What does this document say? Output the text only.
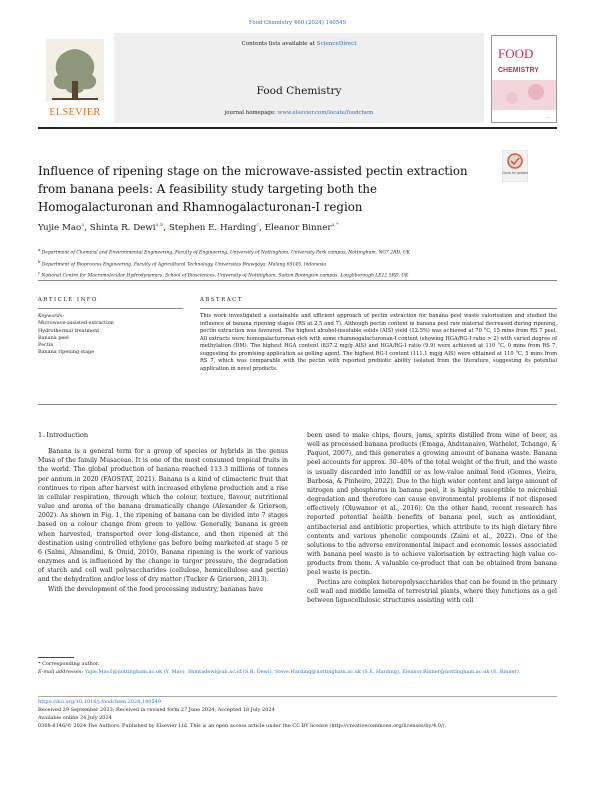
Food Chemistry 460 (2024) 140549
ELSEVIER
Contents lists available at ScienceDirect
Food Chemistry
journal homepage: www.elsevier.com/locate/foodchem
FOOD
CHEMISTRY
...
Influence of ripening stage on the microwave-assisted pectin extraction from banana peels: A feasibility study targeting both the Homogalacturonan and Rhamnogalacturonan-I region
Check for updates
Yujie Mao$^a$, Shinta R. Dewi$^{a,b}$, Stephen E. Harding$^c$, Eleanor Binner$^{a,*}$
$^a$ Department of Chemical and Environmental Engineering, Faculty of Engineering, University of Nottingham, University Park campus, Nottingham, NG7 2RD, UK
$^b$ Department of Bioprocess Engineering, Faculty of Agricultural Technology, Universitas Brawijaya, Malang 65145, Indonesia
$^c$ National Centre for Macromolecular Hydrodynamics, School of Biosciences, University of Nottingham, Sutton Bonington campus, Loughborough LE12 5RD, UK
ARTICLE INFO
Keywords:
Microwave-assisted extraction
Hydrothermal treatment
Banana peel
Pectin
Banana ripening stage
ABSTRACT
This work investigated a sustainable and efficient approach of pectin extraction for banana peel waste valorisation and studied the influence of banana ripening stages (RS at 2,5 and 7). Although pectin content in banana peel raw material decreased during ripening, pectin extraction was favoured. The highest alcohol-insoluble solids (AIS) yield (12.5%) was achieved at 70 °C, 15 mins from RS 7 peel. All extracts were homogalacturonan-rich with some rhamnogalacturonan-I content (showing HGA/RG-I ratio > 2) with varied degree of methylation (DM). The highest HGA content (837.2 mg/g AIS) and HGA/RG-I ratio (9.9) were achieved at 110 °C, 0 mins from RS 7, suggesting its promising application as gelling agent. The highest RG-I content (111.1 mg/g AIS) were obtained at 110 °C, 5 mins from RS 7, which was comparable with the pectin with reported prebiotic ability isolated from the literature, suggesting its potential application in novel products.
1. Introduction

Banana is a general term for a group of species or hybrids in the genus Musa of the family Musaceae. It is one of the most consumed tropical fruits in the world. The global production of banana reached 113.3 millions of tonnes per annum in 2020 (FAOSTAT, 2021). Banana is a kind of climacteric fruit that continues to ripen after harvest with increased ethylene production and a rise in cellular respiration, through which the colour, texture, flavour, nutritional value and aroma of the banana dramatically change (Alexander & Grierson, 2002). As shown in Fig. 1, the ripening of banana can be divided into 7 stages based on a colour change from green to yellow. Generally, banana is green when harvested, transported over long-distance, and then ripened at the destination using controlled ethylene gas before being marketed at stage 5 or 6 (Salmi, Almandimi, & Omid, 2010). Banana ripening is the work of various enzymes and is influenced by the change in turgor pressure, the degradation of starch and cell wall polysaccharides (cellulose, hemicellulose and pectin) and the dehydration and/or loss of dry matter (Tucker & Grierson, 2013).

With the development of the food processing industry, bananas have

been used to make chips, flours, jams, spirits distilled from wine of beer, as well as processed banana products (Emaga, Andrianaivo, Wathelet, Tchango, & Paquot, 2007), and this generates a growing amount of banana waste. Banana peel accounts for approx. 30–40% of the total weight of the fruit, and the waste is usually discarded into landfill or as low-value animal feed (Gomes, Vieira, Barbosa, & Pinheiro, 2022). Due to the high water content and large amount of nitrogen and phosphorus in banana peel, it is highly susceptible to microbial degradation and therefore can cause environmental problems if not disposed effectively (Oluwamor et al., 2016). On the other hand, recent research has reported potential health benefits of banana peel, such as antioxidant, antibacterial and antibiotic properties, which attribute to its high dietary fibre contents and various phenolic compounds (Zaini et al., 2022). One of the solutions to the adverse environmental impact and economic losses associated with banana peel waste is to achieve valorisation by extracting high value co-products from them. A valuable co-product that can be obtained from banana peel waste is pectin.

Pectins are complex heteropolysaccharides that can be found in the primary cell wall and middle lamella of terrestrial plants, where they functions as a gel between lignocellulosic structures assisting with cell

* Corresponding author.
E-mail addresses: Yujie.Mao1@nottingham.ac.uk (Y. Mao), Shintadewi@ub.ac.id (S.R. Dewi), Steve.Harding@nottingham.ac.uk (S.E. Harding), Eleanor.Binner@nottingham.ac.uk (E. Binner).
https://doi.org/10.1016/j.foodchem.2024.140549
Received 29 September 2023; Received in revised form 27 June 2024; Accepted 18 July 2024
Available online 24 July 2024
0308-8146/© 2024 The Authors. Published by Elsevier Ltd. This is an open access article under the CC BY license (http://creativecommons.org/licenses/by/4.0/).
